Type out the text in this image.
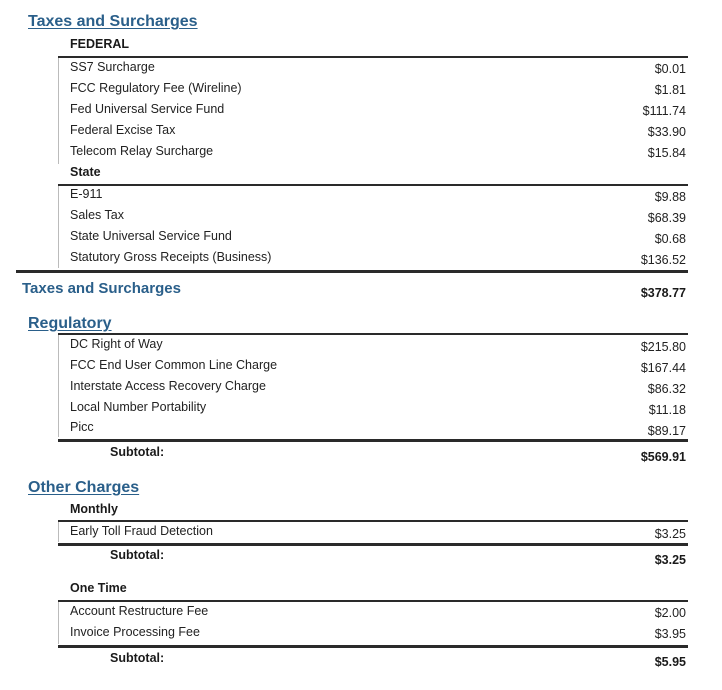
Taxes and Surcharges
FEDERAL
SS7 Surcharge	$0.01
FCC Regulatory Fee (Wireline)	$1.81
Fed Universal Service Fund	$111.74
Federal Excise Tax	$33.90
Telecom Relay Surcharge	$15.84
State
E-911	$9.88
Sales Tax	$68.39
State Universal Service Fund	$0.68
Statutory Gross Receipts (Business)	$136.52
Taxes and Surcharges	$378.77
Regulatory
DC Right of Way	$215.80
FCC End User Common Line Charge	$167.44
Interstate Access Recovery Charge	$86.32
Local Number Portability	$11.18
Picc	$89.17
Subtotal:	$569.91
Other Charges
Monthly
Early Toll Fraud Detection	$3.25
Subtotal:	$3.25
One Time
Account Restructure Fee	$2.00
Invoice Processing Fee	$3.95
Subtotal:	$5.95
